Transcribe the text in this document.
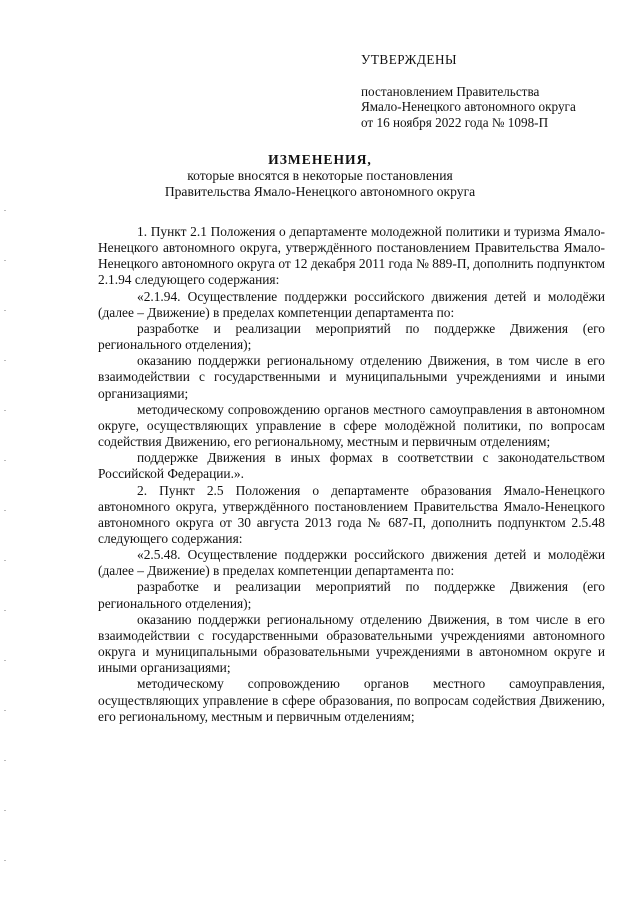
УТВЕРЖДЕНЫ
постановлением Правительства
Ямало-Ненецкого автономного округа
от 16 ноября 2022 года № 1098-П
ИЗМЕНЕНИЯ,
которые вносятся в некоторые постановления
Правительства Ямало-Ненецкого автономного округа

1. Пункт 2.1 Положения о департаменте молодежной политики и туризма Ямало-Ненецкого автономного округа, утверждённого постановлением Правительства Ямало-Ненецкого автономного округа от 12 декабря 2011 года № 889-П, дополнить подпунктом 2.1.94 следующего содержания:

«2.1.94. Осуществление поддержки российского движения детей и молодёжи (далее – Движение) в пределах компетенции департамента по:

разработке и реализации мероприятий по поддержке Движения (его регионального отделения);

оказанию поддержки региональному отделению Движения, в том числе в его взаимодействии с государственными и муниципальными учреждениями и иными организациями;

методическому сопровождению органов местного самоуправления в автономном округе, осуществляющих управление в сфере молодёжной политики, по вопросам содействия Движению, его региональному, местным и первичным отделениям;

поддержке Движения в иных формах в соответствии с законодательством Российской Федерации.».

2. Пункт 2.5 Положения о департаменте образования Ямало-Ненецкого автономного округа, утверждённого постановлением Правительства Ямало-Ненецкого автономного округа от 30 августа 2013 года № 687-П, дополнить подпунктом 2.5.48 следующего содержания:

«2.5.48. Осуществление поддержки российского движения детей и молодёжи (далее – Движение) в пределах компетенции департамента по:

разработке и реализации мероприятий по поддержке Движения (его регионального отделения);

оказанию поддержки региональному отделению Движения, в том числе в его взаимодействии с государственными образовательными учреждениями автономного округа и муниципальными образовательными учреждениями в автономном округе и иными организациями;

методическому сопровождению органов местного самоуправления, осуществляющих управление в сфере образования, по вопросам содействия Движению, его региональному, местным и первичным отделениям;
